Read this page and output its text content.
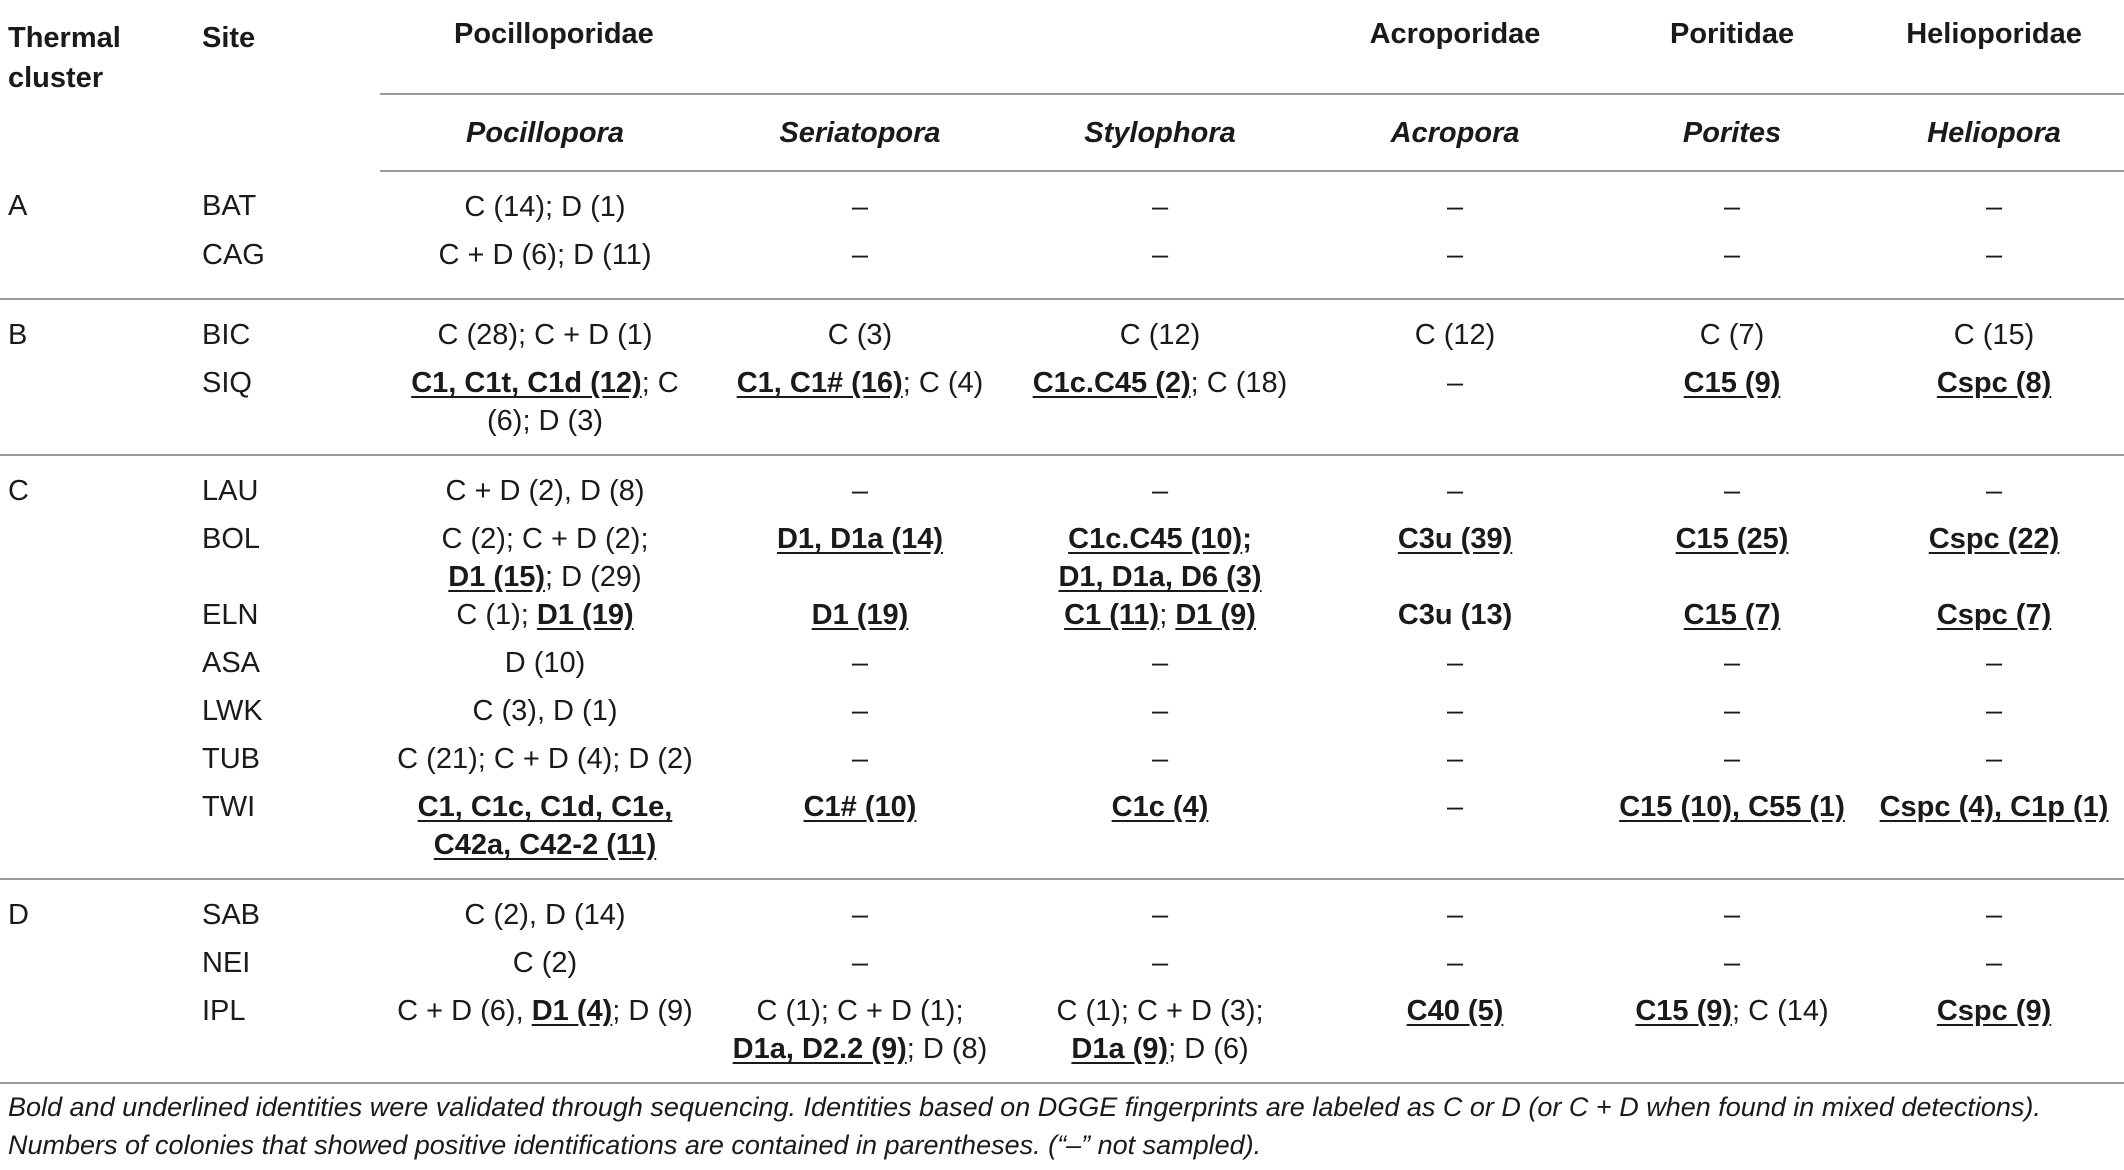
Thermal cluster	Site	Pocilloporidae			Acroporidae	Poritidae	Helioporidae
		Pocillopora	Seriatopora	Stylophora	Acropora	Porites	Heliopora
A	BAT	C (14); D (1)	–	–	–	–	–
	CAG	C + D (6); D (11)	–	–	–	–	–
B	BIC	C (28); C + D (1)	C (3)	C (12)	C (12)	C (7)	C (15)
	SIQ	C1, C1t, C1d (12); C
(6); D (3)	C1, C1# (16); C (4)	C1c.C45 (2); C (18)	–	C15 (9)	Cspc (8)
C	LAU	C + D (2), D (8)	–	–	–	–	–
	BOL	C (2); C + D (2);
D1 (15); D (29)	D1, D1a (14)	C1c.C45 (10);
D1, D1a, D6 (3)	C3u (39)	C15 (25)	Cspc (22)
	ELN	C (1); D1 (19)	D1 (19)	C1 (11); D1 (9)	C3u (13)	C15 (7)	Cspc (7)
	ASA	D (10)	–	–	–	–	–
	LWK	C (3), D (1)	–	–	–	–	–
	TUB	C (21); C + D (4); D (2)	–	–	–	–	–
	TWI	C1, C1c, C1d, C1e,
C42a, C42-2 (11)	C1# (10)	C1c (4)	–	C15 (10), C55 (1)	Cspc (4), C1p (1)
D	SAB	C (2), D (14)	–	–	–	–	–
	NEI	C (2)	–	–	–	–	–
	IPL	C + D (6), D1 (4); D (9)	C (1); C + D (1);
D1a, D2.2 (9); D (8)	C (1); C + D (3);
D1a (9); D (6)	C40 (5)	C15 (9); C (14)	Cspc (9)
Bold and underlined identities were validated through sequencing. Identities based on DGGE fingerprints are labeled as C or D (or C + D when found in mixed detections).
Numbers of colonies that showed positive identifications are contained in parentheses. (“–” not sampled).
